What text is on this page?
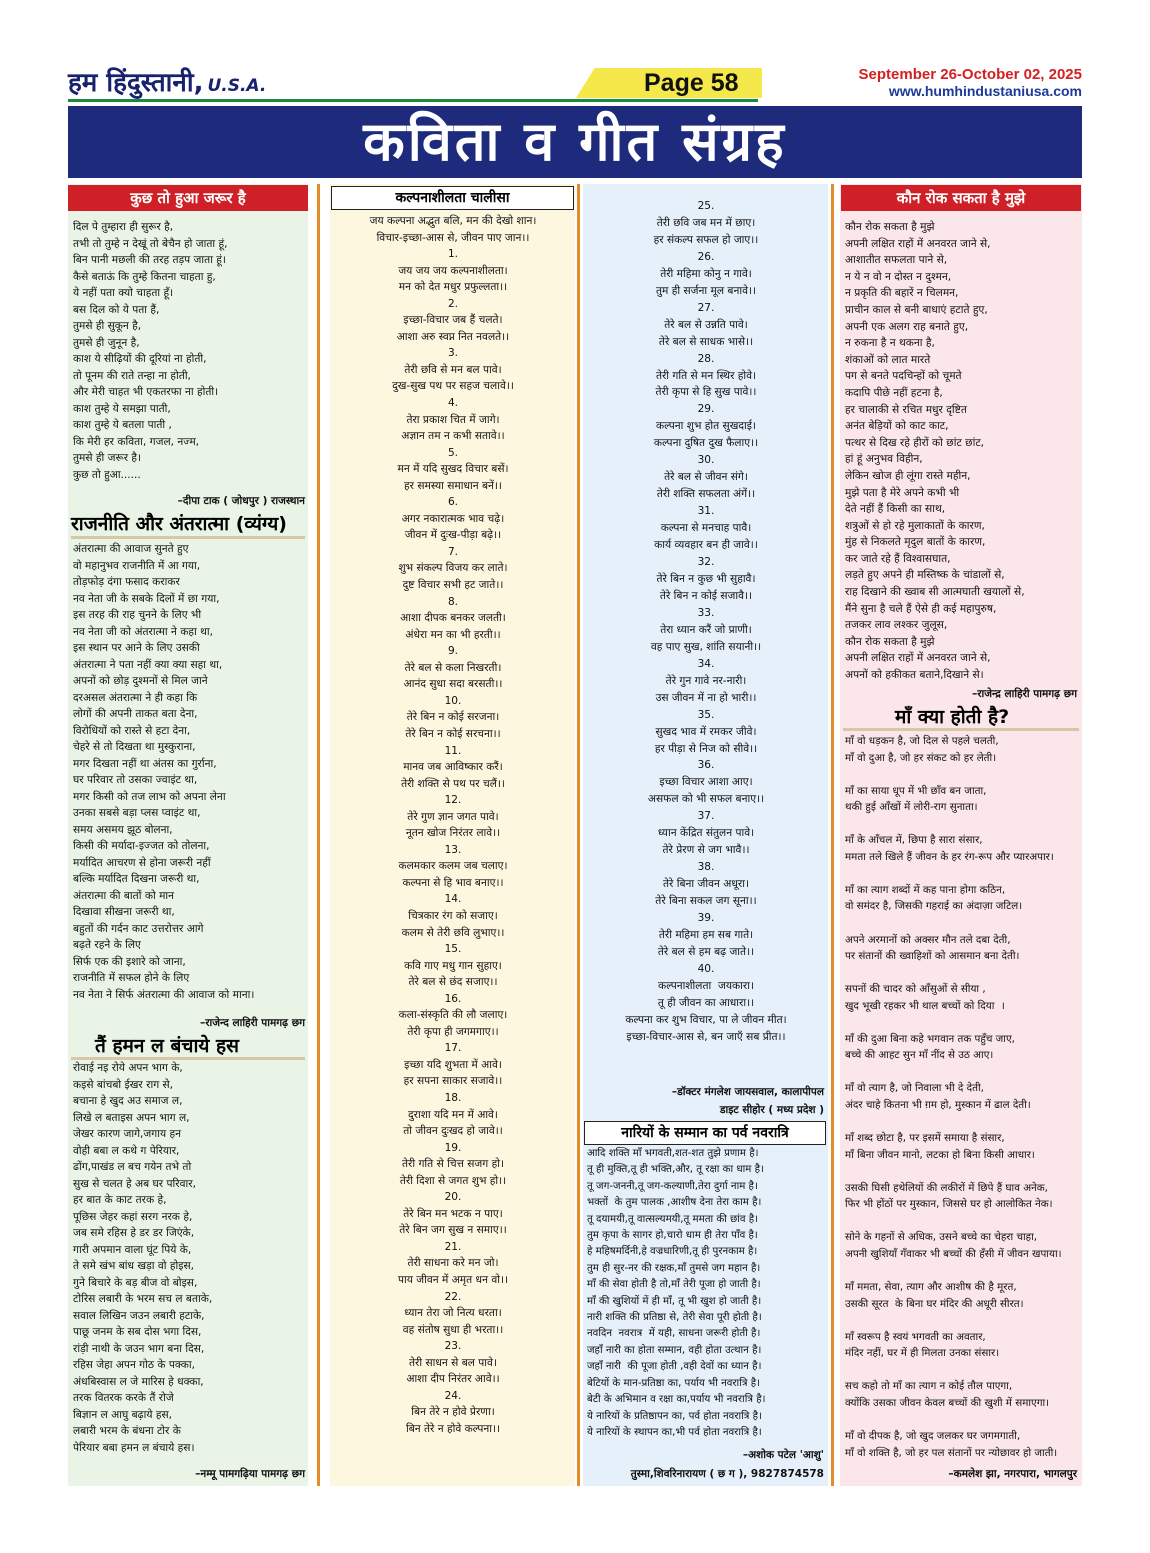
हम हिंदुस्तानी, U.S.A.	Page 58	September 26-October 02, 2025
www.humhindustaniusa.com
कविता व गीत संग्रह
कुछ तो हुआ जरूर है
दिल पे तुम्हारा ही सुरूर है,
तभी तो तुम्हे न देखूं तो बेचैन हो जाता हूं,
बिन पानी मछली की तरह तड़प जाता हूं।
कैसे बताऊं कि तुम्हे कितना चाहता हु,
ये नहीं पता क्यो चाहता हूँ।
बस दिल को ये पता हैं,
तुमसे ही सुकून है,
तुमसे ही जुनून है,
काश ये सीढ़ियों की दूरियां ना होती,
तो पूनम की राते तन्हा ना होती,
और मेरी चाहत भी एकतरफा ना होती।
काश तुम्हे ये समझा पाती,
काश तुम्हे ये बतला पाती ,
कि मेरी हर कविता, गजल, नज्म,
तुमसे ही जरूर है।
कुछ तो हुआ......
–दीपा टाक ( जोधपुर ) राजस्थान
राजनीति और अंतरात्मा (व्यंग्य)
अंतरात्मा की आवाज सुनते हुए
वो महानुभव राजनीति में आ गया,
तोड़फोड़ दंगा फसाद कराकर
नव नेता जी के सबके दिलों में छा गया,
इस तरह की राह चुनने के लिए भी
नव नेता जी को अंतरात्मा ने कहा था,
इस स्थान पर आने के लिए उसकी
अंतरात्मा ने पता नहीं क्या क्या सहा था,
अपनों को छोड़ दुश्मनों से मिल जाने
दरअसल अंतरात्मा ने ही कहा कि
लोगों की अपनी ताकत बता देना,
विरोधियों को रास्ते से हटा देना,
चेहरे से तो दिखता था मुस्कुराना,
मगर दिखता नहीं था अंतस का गुर्राना,
घर परिवार तो उसका ज्वाइंट था,
मगर किसी को तज लाभ को अपना लेना
उनका सबसे बड़ा प्लस प्वाइंट था,
समय असमय झूठ बोलना,
किसी की मर्यादा-इज्जत को तोलना,
मर्यादित आचरण से होना जरूरी नहीं
बल्कि मर्यादित दिखना जरूरी था,
अंतरात्मा की बातों को मान
दिखावा सीखना जरूरी था,
बहुतों की गर्दन काट उत्तरोत्तर आगे
बढ़ते रहने के लिए
सिर्फ एक की इशारे को जाना,
राजनीति में सफल होने के लिए
नव नेता ने सिर्फ अंतरात्मा की आवाज को माना।
–राजेन्द लाहिरी पामगढ़ छग
तैं हमन ल बंचाये हस
रोवाई नइ रोये अपन भाग के,
कइसे बांचबो ईखर राग से,
बचाना हे खुद अउ समाज ल,
लिखे ल बताइस अपन भाग ल,
जेखर कारण जागे,जगाय हन
वोही बबा ल कथे ग पेरियार,
ढोंग,पाखंड ल बच गयेन तभे तो
सुख से चलत हे अब घर परिवार,
हर बात के काट तरक हे,
पूछिस जेहर कहां सरग नरक हे,
जब समे रहिस हे डर डर जिएंके,
गारी अपमान वाला घूंट पिये के,
ते समे खंभ बांध खड़ा वो होइस,
गुने बिचारे के बड़ बीज वो बोइस,
टोरिस लबारी के भरम सच ल बताके,
सवाल लिखिन जउन लबारी हटाके,
पाछू जनम के सब दोस भगा दिस,
रांड़ी नाथी के जउन भाग बना दिस,
रहिस जेहा अपन गोठ के पक्का,
अंधबिस्वास ल जे मारिस हे धक्का,
तरक वितरक करके तैं रोजे
बिज्ञान ल आघु बढ़ाये हस,
लबारी भरम के बंधना टोर के
पेरियार बबा हमन ल बंचाये हस।
–नम्मू पामगढ़िया पामगढ़ छग
कल्पनाशीलता चालीसा
जय कल्पना अद्भुत बलि, मन की देखो शान।
विचार-इच्छा-आस से, जीवन पाए जान।।
1.
जय जय जय कल्पनाशीलता।
मन को देत मधुर प्रफुल्लता।।
2.
इच्छा-विचार जब हैं चलते।
आशा अरु स्वप्न नित नवलते।।
3.
तेरी छवि से मन बल पावे।
दुख-सुख पथ पर सहज चलावे।।
4.
तेरा प्रकाश चित में जागे।
अज्ञान तम न कभी सतावे।।
5.
मन में यदि सुखद विचार बसें।
हर समस्या समाधान बनें।।
6.
अगर नकारात्मक भाव चढ़े।
जीवन में दुःख-पीड़ा बढ़े।।
7.
शुभ संकल्प विजय कर लाते।
दुष्ट विचार सभी हट जाते।।
8.
आशा दीपक बनकर जलती।
अंधेरा मन का भी हरती।।
9.
तेरे बल से कला निखरती।
आनंद सुधा सदा बरसती।।
10.
तेरे बिन न कोई सरजना।
तेरे बिन न कोई सरचना।।
11.
मानव जब आविष्कार करैं।
तेरी शक्ति से पथ पर चलैं।।
12.
तेरे गुण ज्ञान जगत पावे।
नूतन खोज निरंतर लावे।।
13.
कलमकार कलम जब चलाए।
कल्पना से हि भाव बनाए।।
14.
चित्रकार रंग को सजाए।
कलम से तेरी छवि लुभाए।।
15.
कवि गाए मधु गान सुहाए।
तेरे बल से छंद सजाए।।
16.
कला-संस्कृति की लौ जलाए।
तेरी कृपा ही जगमगाए।।
17.
इच्छा यदि शुभता में आवे।
हर सपना साकार सजावे।।
18.
दुराशा यदि मन में आवे।
तो जीवन दुःखद हो जावे।।
19.
तेरी गति से चित्त सजग हो।
तेरी दिशा से जगत शुभ हो।।
20.
तेरे बिन मन भटक न पाए।
तेरे बिन जग सुख न समाए।।
21.
तेरी साधना करे मन जो।
पाय जीवन में अमृत धन वो।।
22.
ध्यान तेरा जो नित्य धरता।
वह संतोष सुधा ही भरता।।
23.
तेरी साधन से बल पावे।
आशा दीप निरंतर आवे।।
24.
बिन तेरे न होवे प्रेरणा।
बिन तेरे न होवे कल्पना।।
25.
तेरी छवि जब मन में छाए।
हर संकल्प सफल हो जाए।।
26.
तेरी महिमा कोनु न गावे।
तुम ही सर्जना मूल बनावे।।
27.
तेरे बल से उन्नति पावे।
तेरे बल से साधक भासे।।
28.
तेरी गति से मन स्थिर होवे।
तेरी कृपा से हि सुख पावे।।
29.
कल्पना शुभ होत सुखदाई।
कल्पना दुषित दुख फैलाए।।
30.
तेरे बल से जीवन संगे।
तेरी शक्ति सफलता अंगें।।
31.
कल्पना से मनचाह पावै।
कार्य व्यवहार बन ही जावे।।
32.
तेरे बिन न कुछ भी सुहावै।
तेरे बिन न कोई सजावै।।
33.
तेरा ध्यान करैं जो प्राणी।
वह पाए सुख, शांति सयानी।।
34.
तेरे गुन गावे नर-नारी।
उस जीवन में ना हो भारी।।
35.
सुखद भाव में रमकर जीवे।
हर पीड़ा से निज को सीवे।।
36.
इच्छा विचार आशा आए।
असफल को भी सफल बनाए।।
37.
ध्यान केंद्रित संतुलन पावे।
तेरे प्रेरण से जग भावै।।
38.
तेरे बिना जीवन अधूरा।
तेरे बिना सकल जग सूना।।
39.
तेरी महिमा हम सब गाते।
तेरे बल से हम बढ़ जाते।।
40.
कल्पनाशीलता  जयकारा।
तू ही जीवन का आधारा।।
कल्पना कर शुभ विचार, पा ले जीवन मीत।
इच्छा-विचार-आस से, बन जाएँ सब प्रीत।।
–डॉक्टर मंगलेश जायसवाल, कालापीपल
डाइट सीहोर ( मध्य प्रदेश )
नारियों के सम्मान का पर्व नवरात्रि
आदि शक्ति माँ भगवती,शत-शत तुझे प्रणाम है।
तू ही मुक्ति,तू ही भक्ति,और, तू रक्षा का धाम है।
तू जग-जननी,तू जग-कल्याणी,तेरा दुर्गा नाम है।
भक्तों  के तुम पालक ,आशीष देना तेरा काम है।
तू दयामयी,तू वात्सल्यमयी,तू ममता की छांव है।
तुम कृपा के सागर हो,चारो धाम ही तेरा पाँव है।
हे महिषमर्दिनी,हे वज्रधारिणी,तू ही पुरनकाम है।
तुम ही सुर-नर की रक्षक,माँ तुमसे जग महान है।
माँ की सेवा होती है तो,माँ तेरी पूजा हो जाती है।
माँ की खुशियों में ही माँ, तू भी खुश हो जाती है।
नारी शक्ति की प्रतिष्ठा से, तेरी सेवा पूरी होती है।
नवदिन  नवरात्र  में यही, साधना जरूरी होती है।
जहाँ नारी का होता सम्मान, वही होता उत्थान है।
जहाँ नारी  की पूजा होती ,वही देवों का ध्यान है।
बेटियों के मान-प्रतिष्ठा का, पर्याय भी नवरात्रि है।
बेटी के अभिमान व रक्षा का,पर्याय भी नवरात्रि है।
ये नारियों के प्रतिष्ठापन का, पर्व होता नवरात्रि है।
ये नारियों के स्थापन का,भी पर्व होता नवरात्रि है।
–अशोक पटेल 'आशु'
तुस्मा,शिवरिनारायण ( छ ग ), 9827874578
कौन रोक सकता है मुझे
कौन रोक सकता है मुझे
अपनी लक्षित राहों में अनवरत जाने से,
आशातीत सफलता पाने से,
न ये न वो न दोस्त न दुश्मन,
न प्रकृति की बहारें न चिलमन,
प्राचीन काल से बनी बाधाएं हटाते हुए,
अपनी एक अलग राह बनाते हुए,
न रुकना है न थकना है,
शंकाओं को लात मारते
पग से बनते पदचिन्हों को चूमते
कदापि पीछे नहीं हटना है,
हर चालाकी से रचित मधुर दृष्टित
अनंत बेड़ियों को काट काट,
पत्थर से दिख रहे हीरों को छांट छांट,
हां हूं अनुभव विहीन,
लेकिन खोज ही लूंगा रास्ते महीन,
मुझे पता है मेरे अपने कभी भी
देते नहीं हैं किसी का साथ,
शत्रुओं से हो रहे मुलाकातों के कारण,
मुंह से निकलते मृदुल बातों के कारण,
कर जाते रहे हैं विश्वासघात,
लड़ते हुए अपने ही मस्तिष्क के चांडालों से,
राह दिखाने की ख्वाब सी आत्मघाती खयालों से,
मैंने सुना है चले हैं ऐसे ही कई महापुरुष,
तजकर लाव लश्कर जुलूस,
कौन रोक सकता है मुझे
अपनी लक्षित राहों में अनवरत जाने से,
अपनों को हकीकत बताने,दिखाने से।
–राजेन्द्र लाहिरी पामगढ़ छग
माँ क्या होती है?
माँ वो धड़कन है, जो दिल से पहले चलती,
माँ वो दुआ है, जो हर संकट को हर लेती।

माँ का साया धूप में भी छाँव बन जाता,
थकी हुई आँखों में लोरी-राग सुनाता।

माँ के आँचल में, छिपा है सारा संसार,
ममता तले खिले हैं जीवन के हर रंग-रूप और प्यारअपार।

माँ का त्याग शब्दों में कह पाना होगा कठिन,
वो समंदर है, जिसकी गहराई का अंदाज़ा जटिल।

अपने अरमानों को अक्सर मौन तले दबा देती,
पर संतानों की ख्वाहिशों को आसमान बना देती।

सपनों की चादर को आँसुओं से सीया ,
खुद भूखी रहकर भी थाल बच्चों को दिया  ।

माँ की दुआ बिना कहे भगवान तक पहुँच जाए,
बच्चे की आहट सुन माँ नींद से उठ आए।

माँ वो त्याग है, जो निवाला भी दे देती,
अंदर चाहे कितना भी ग़म हो, मुस्कान में ढाल देती।

माँ शब्द छोटा है, पर इसमें समाया है संसार,
माँ बिना जीवन मानो, लटका हो बिना किसी आधार।

उसकी घिसी हथेलियों की लकीरों में छिपे हैं घाव अनेक,
फिर भी होंठों पर मुस्कान, जिससे घर हो आलोकित नेक।

सोने के गहनों से अधिक, उसने बच्चे का चेहरा चाहा,
अपनी खुशियाँ गँवाकर भी बच्चों की हँसी में जीवन खपाया।

माँ ममता, सेवा, त्याग और आशीष की है मूरत,
उसकी सूरत  के बिना घर मंदिर की अधूरी सीरत।

माँ स्वरूप है स्वयं भगवती का अवतार,
मंदिर नहीं, घर में ही मिलता उनका संसार।

सच कहो तो माँ का त्याग न कोई तौल पाएगा,
क्योंकि उसका जीवन केवल बच्चों की खुशी में समाएगा।

माँ वो दीपक है, जो खुद जलकर घर जगमगाती,
माँ वो शक्ति है, जो हर पल संतानों पर न्योछावर हो जाती।
–कमलेश झा, नगरपारा, भागलपुर
